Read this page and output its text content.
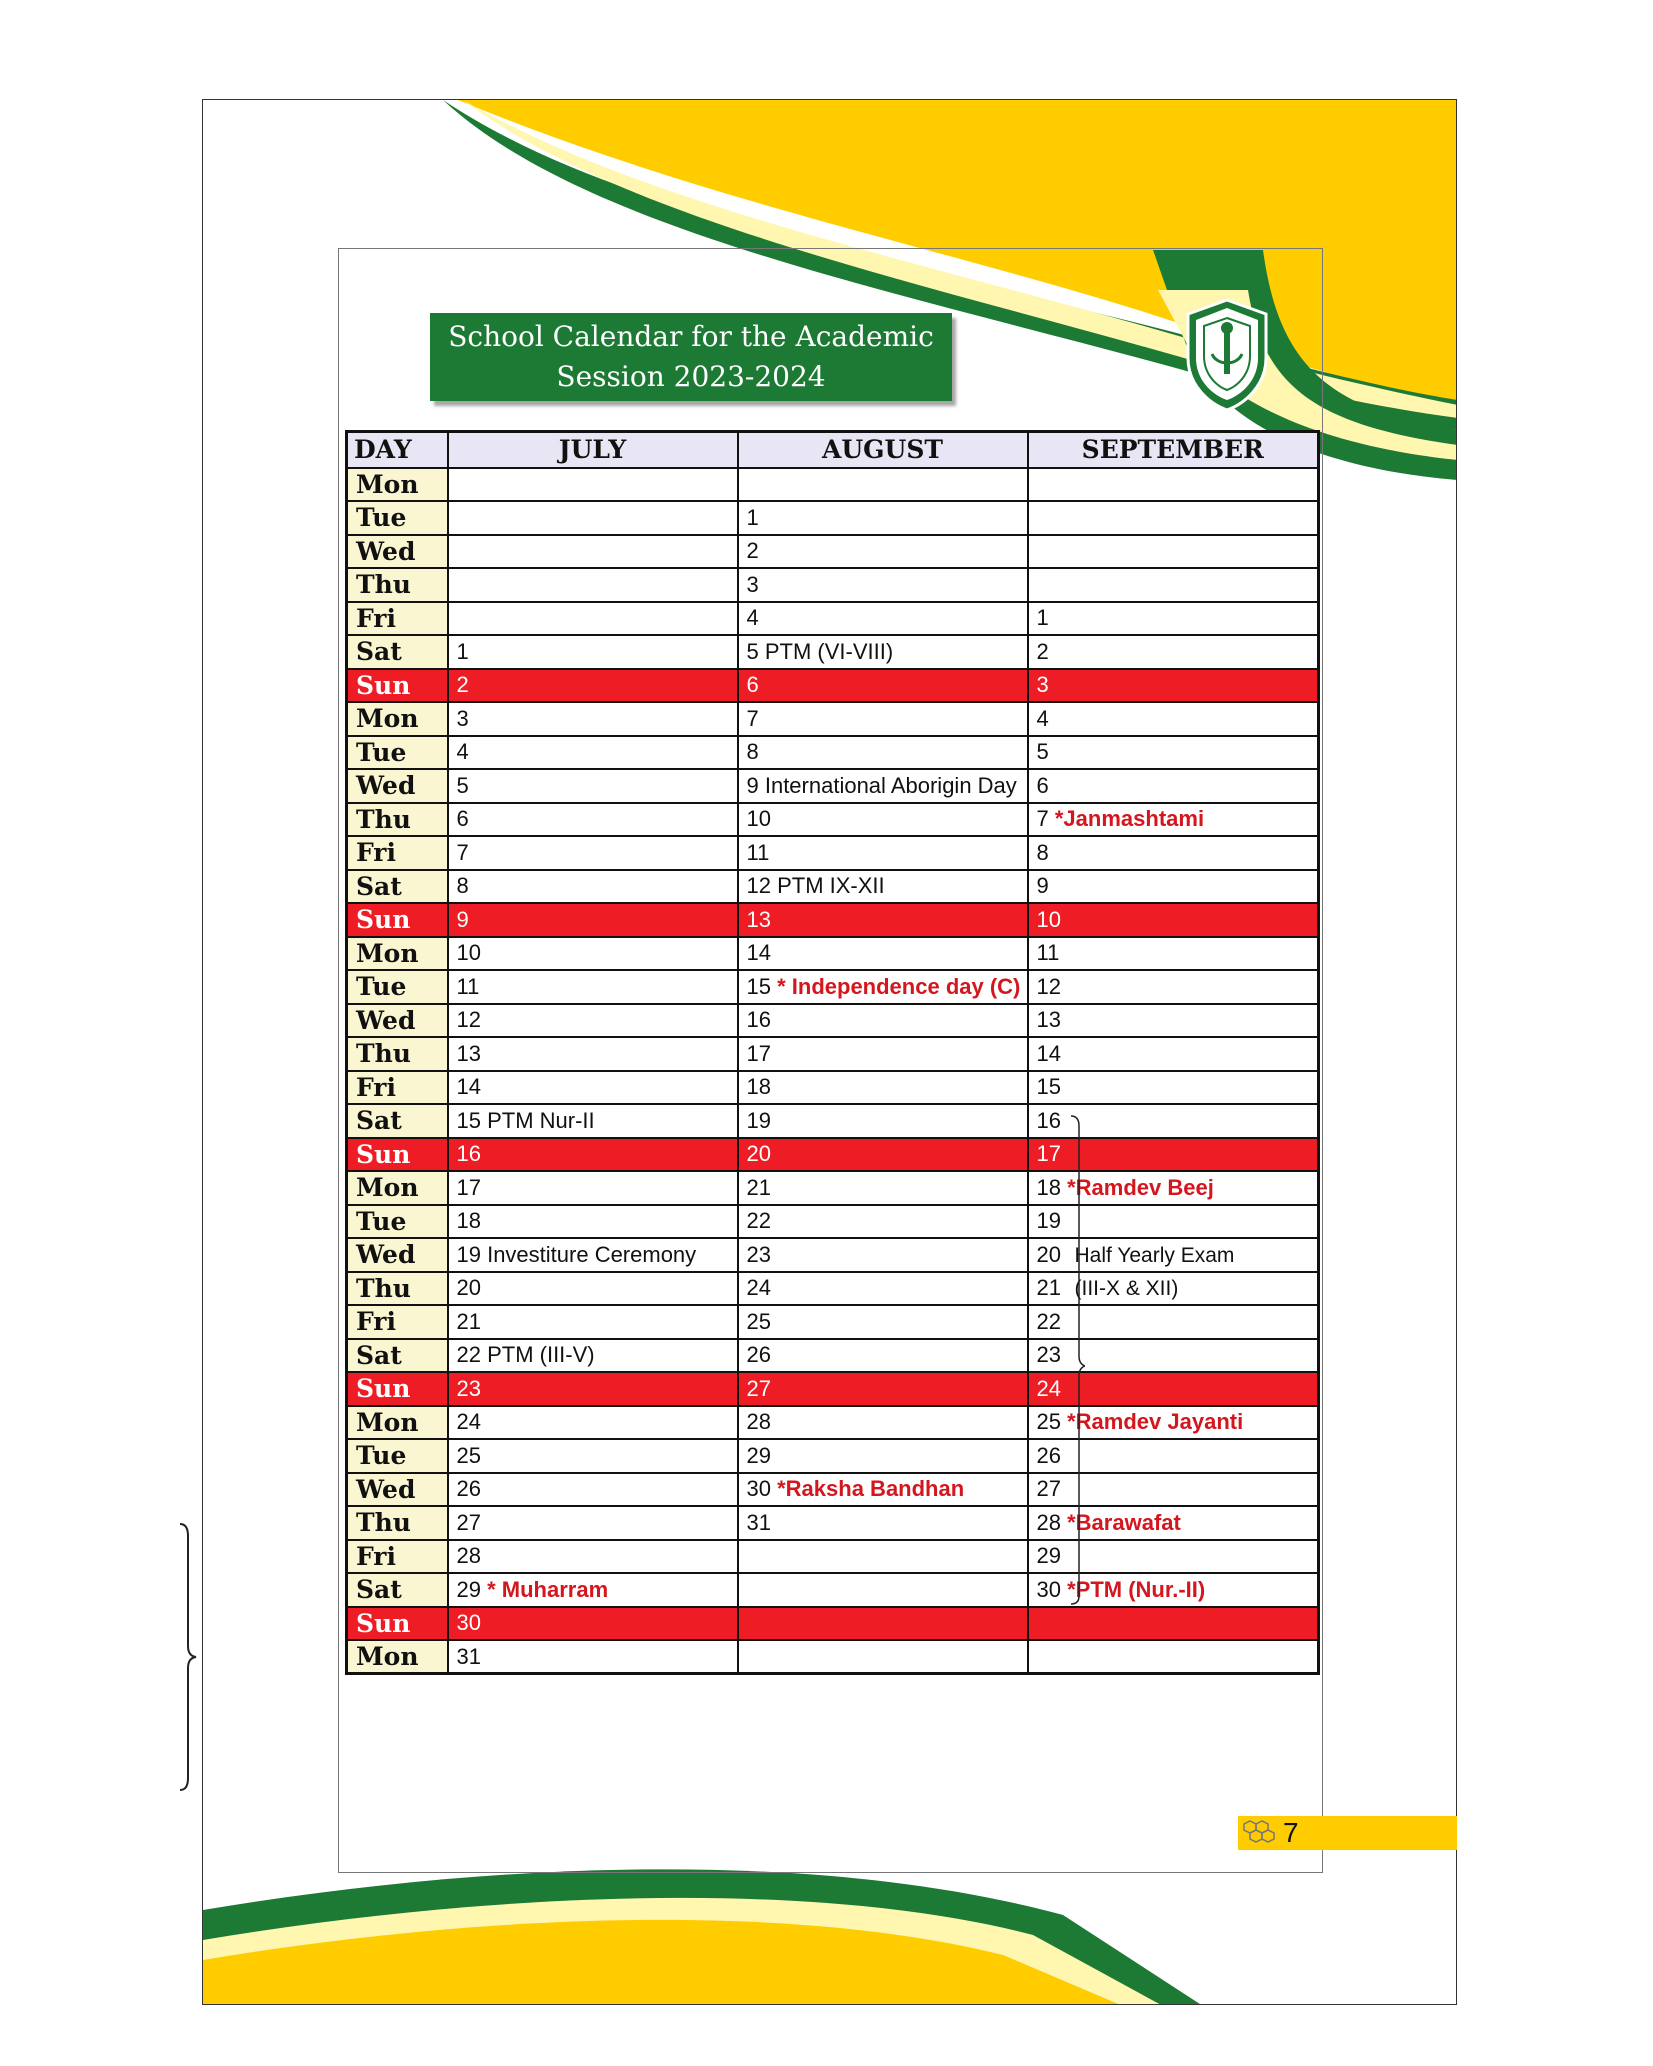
School Calendar for the Academic
Session 2023-2024
DAY	JULY	AUGUST	SEPTEMBER
Mon			
Tue		1	
Wed		2	
Thu		3	
Fri		4	1
Sat	1	5 PTM (VI-VIII)	2
Sun	2	6	3
Mon	3	7	4
Tue	4	8	5
Wed	5	9 International Aborigin Day	6
Thu	6	10	7 *Janmashtami
Fri	7	11	8
Sat	8	12 PTM IX-XII	9
Sun	9	13	10
Mon	10	14	11
Tue	11	15 * Independence day (C)	12
Wed	12	16	13
Thu	13	17	14
Fri	14	18	15
Sat	15 PTM Nur-II	19	16
Sun	16	20	17
Mon	17	21	18 *Ramdev Beej
Tue	18	22	19
Wed	19 Investiture Ceremony	23	20 Half Yearly Exam
Thu	20	24	21 (III-X & XII)
Fri	21	25	22
Sat	22 PTM (III-V)	26	23
Sun	23	27	24
Mon	24	28	25 *Ramdev Jayanti
Tue	25	29	26
Wed	26	30 *Raksha Bandhan	27
Thu	27	31	28 *Barawafat
Fri	28		29
Sat	29 * Muharram		30 *PTM (Nur.-II)
Sun	30		
Mon	31		
7
